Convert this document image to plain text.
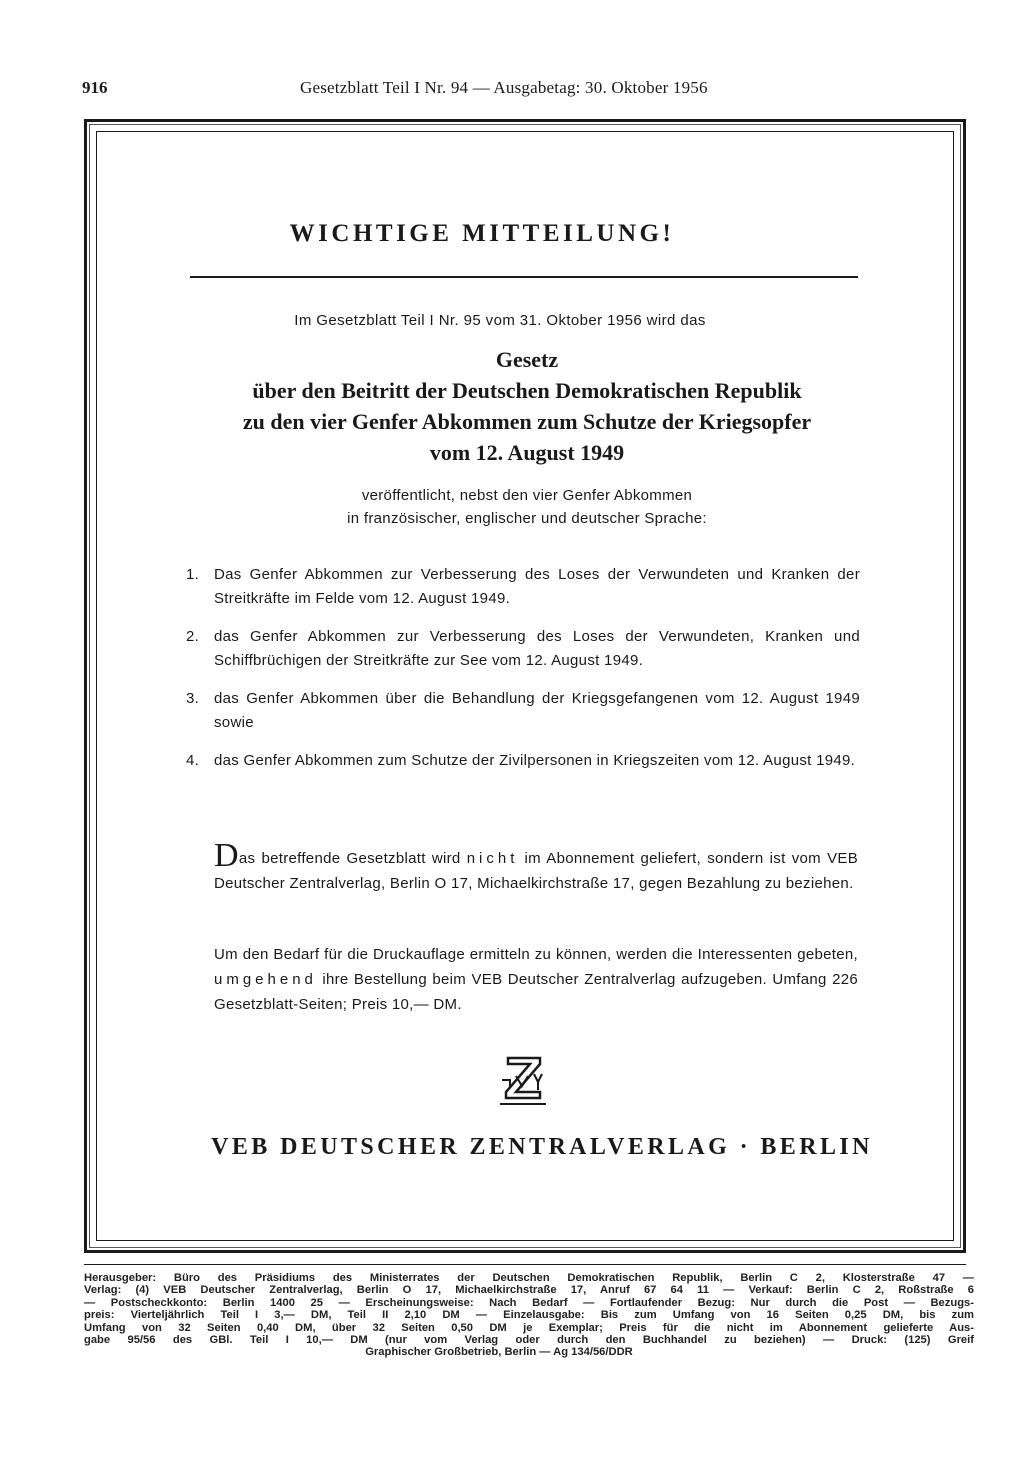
916	Gesetzblatt Teil I Nr. 94 — Ausgabetag: 30. Oktober 1956
WICHTIGE MITTEILUNG!
Im Gesetzblatt Teil I Nr. 95 vom 31. Oktober 1956 wird das
Gesetz
über den Beitritt der Deutschen Demokratischen Republik
zu den vier Genfer Abkommen zum Schutze der Kriegsopfer
vom 12. August 1949
veröffentlicht, nebst den vier Genfer Abkommen
in französischer, englischer und deutscher Sprache:
1. Das Genfer Abkommen zur Verbesserung des Loses der Verwundeten und Kranken der Streitkräfte im Felde vom 12. August 1949.
2. das Genfer Abkommen zur Verbesserung des Loses der Verwundeten, Kranken und Schiffbrüchigen der Streitkräfte zur See vom 12. August 1949.
3. das Genfer Abkommen über die Behandlung der Kriegsgefangenen vom 12. August 1949 sowie
4. das Genfer Abkommen zum Schutze der Zivilpersonen in Kriegszeiten vom 12. August 1949.
Das betreffende Gesetzblatt wird nicht im Abonnement geliefert, sondern ist vom VEB Deutscher Zentralverlag, Berlin O 17, Michaelkirchstraße 17, gegen Bezahlung zu beziehen.
Um den Bedarf für die Druckauflage ermitteln zu können, werden die Interessenten gebeten, umgehend ihre Bestellung beim VEB Deutscher Zentralverlag aufzugeben. Umfang 226 Gesetzblatt-Seiten; Preis 10,— DM.
VEB DEUTSCHER ZENTRALVERLAG · BERLIN
Herausgeber: Büro des Präsidiums des Ministerrates der Deutschen Demokratischen Republik, Berlin C 2, Klosterstraße 47 —
Verlag: (4) VEB Deutscher Zentralverlag, Berlin O 17, Michaelkirchstraße 17, Anruf 67 64 11 — Verkauf: Berlin C 2, Roßstraße 6
— Postscheckkonto: Berlin 1400 25 — Erscheinungsweise: Nach Bedarf — Fortlaufender Bezug: Nur durch die Post — Bezugs-
preis: Vierteljährlich Teil I 3,— DM, Teil II 2,10 DM — Einzelausgabe: Bis zum Umfang von 16 Seiten 0,25 DM, bis zum
Umfang von 32 Seiten 0,40 DM, über 32 Seiten 0,50 DM je Exemplar; Preis für die nicht im Abonnement gelieferte Aus-
gabe 95/56 des GBl. Teil I 10,— DM (nur vom Verlag oder durch den Buchhandel zu beziehen) — Druck: (125) Greif
Graphischer Großbetrieb, Berlin — Ag 134/56/DDR
